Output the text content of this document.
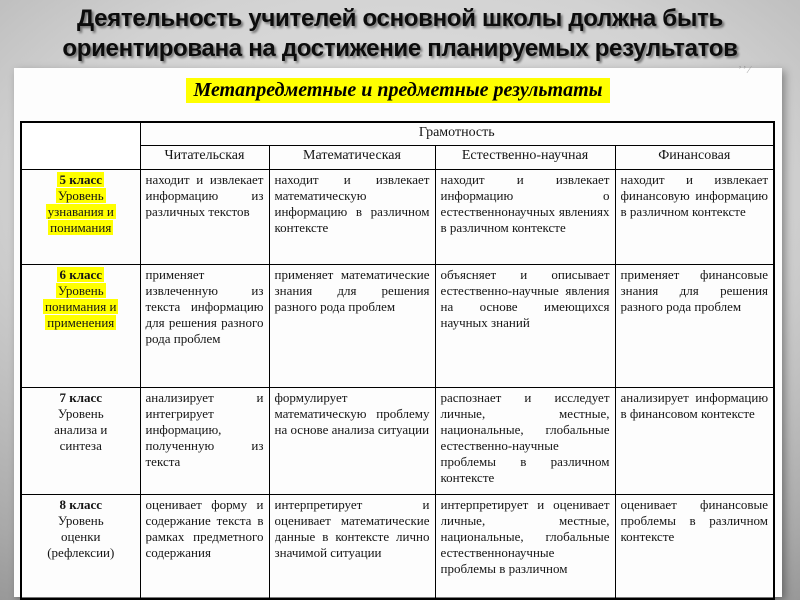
Деятельность учителей основной школы должна быть
ориентирована на достижение планируемых результатов
’’⁄
Метапредметные и предметные результаты
	Грамотность			
	Читательская	Математическая	Естественно-научная	Финансовая

5 класс
Уровень
узнавания и
понимания	находит и извлекает информацию из различных текстов	находит и извлекает математическую информацию в различном контексте	находит и извлекает информацию о естественнонаучных явлениях в различном контексте	находит и извлекает финансовую информацию в различном контексте

6 класс
Уровень
понимания и
применения	применяет извлеченную из текста информацию для решения разного рода проблем	применяет математические знания для решения разного рода проблем	объясняет и описывает естественно-научные явления на основе имеющихся научных знаний	применяет финансовые знания для решения разного рода проблем

7 класс
Уровень
анализа и
синтеза	анализирует и интегрирует информацию, полученную из текста	формулирует математическую проблему на основе анализа ситуации	распознает и исследует личные, местные, национальные, глобальные естественно-научные проблемы в различном контексте	анализирует информацию в финансовом контексте

8 класс
Уровень
оценки
(рефлексии)	оценивает форму и содержание текста в рамках предметного содержания	интерпретирует и оценивает математические данные в контексте лично значимой ситуации	интерпретирует и оценивает личные, местные, национальные, глобальные естественнонаучные проблемы в различном	оценивает финансовые проблемы в различном контексте
